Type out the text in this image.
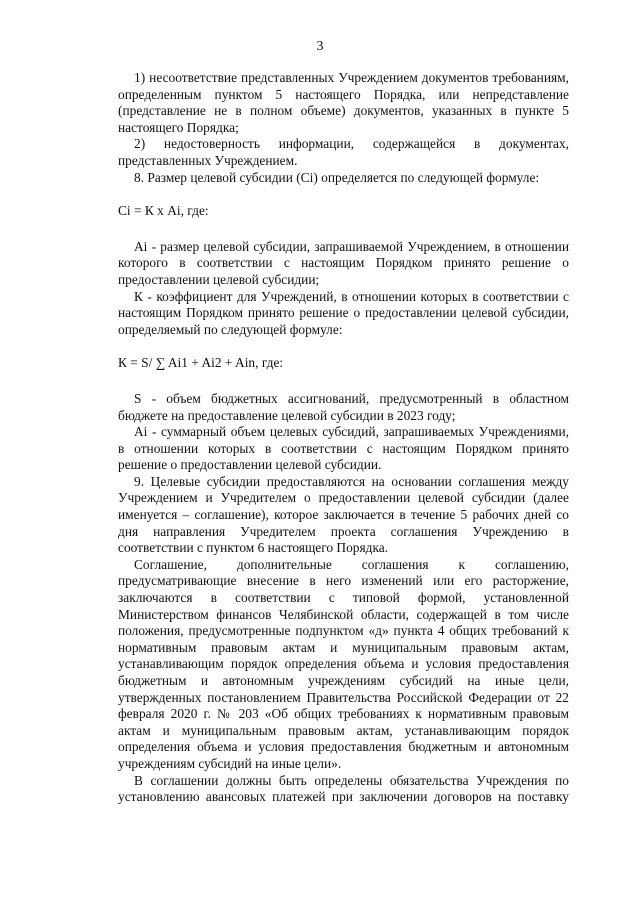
3

1) несоответствие представленных Учреждением документов требованиям, определенным пунктом 5 настоящего Порядка, или непредставление (представление не в полном объеме) документов, указанных в пункте 5 настоящего Порядка;

2) недостоверность информации, содержащейся в документах, представленных Учреждением.

8. Размер целевой субсидии (Ci) определяется по следующей формуле:

Ci = К х Ai, где:

Ai - размер целевой субсидии, запрашиваемой Учреждением, в отношении которого в соответствии с настоящим Порядком принято решение о предоставлении целевой субсидии;

К - коэффициент для Учреждений, в отношении которых в соответствии с настоящим Порядком принято решение о предоставлении целевой субсидии, определяемый по следующей формуле:

К = S/ ∑ Ai1 + Ai2 + Ain, где:

S - объем бюджетных ассигнований, предусмотренный в областном бюджете на предоставление целевой субсидии в 2023 году;

Ai - суммарный объем целевых субсидий, запрашиваемых Учреждениями, в отношении которых в соответствии с настоящим Порядком принято решение о предоставлении целевой субсидии.

9. Целевые субсидии предоставляются на основании соглашения между Учреждением и Учредителем о предоставлении целевой субсидии (далее именуется – соглашение), которое заключается в течение 5 рабочих дней со дня направления Учредителем проекта соглашения Учреждению в соответствии с пунктом 6 настоящего Порядка.

Соглашение, дополнительные соглашения к соглашению, предусматривающие внесение в него изменений или его расторжение, заключаются в соответствии с типовой формой, установленной Министерством финансов Челябинской области, содержащей в том числе положения, предусмотренные подпунктом «д» пункта 4 общих требований к нормативным правовым актам и муниципальным правовым актам, устанавливающим порядок определения объема и условия предоставления бюджетным и автономным учреждениям субсидий на иные цели, утвержденных постановлением Правительства Российской Федерации от 22 февраля 2020 г. № 203 «Об общих требованиях к нормативным правовым актам и муниципальным правовым актам, устанавливающим порядок определения объема и условия предоставления бюджетным и автономным учреждениям субсидий на иные цели».

В соглашении должны быть определены обязательства Учреждения по установлению авансовых платежей при заключении договоров на поставку
